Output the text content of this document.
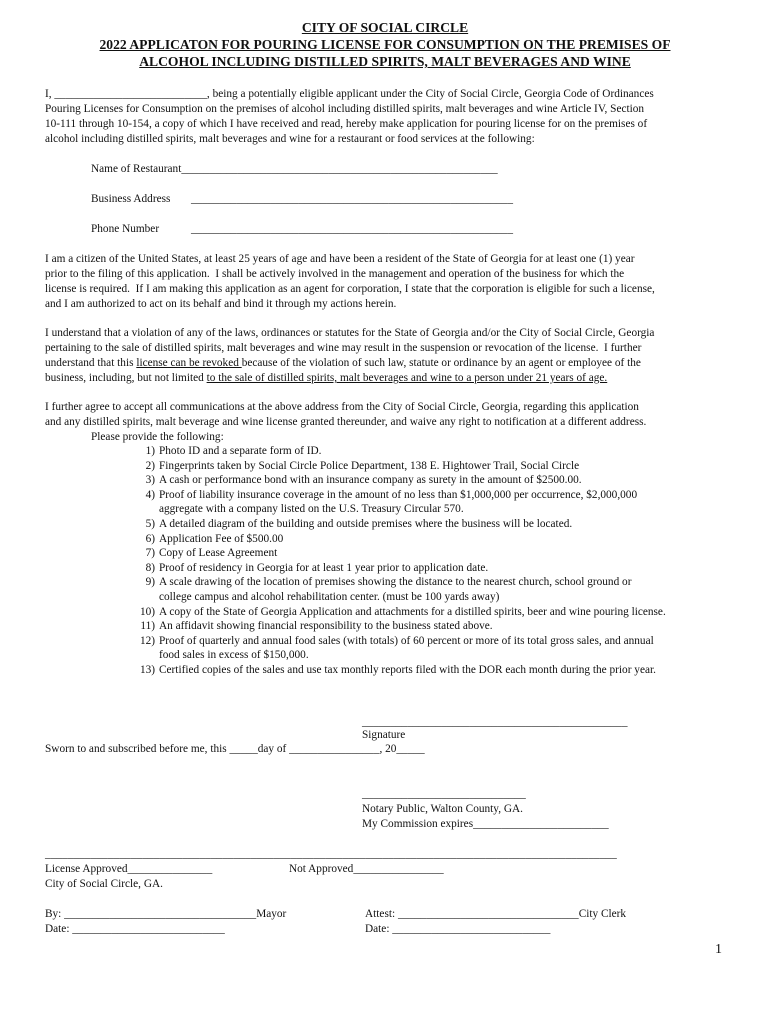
CITY OF SOCIAL CIRCLE
2022 APPLICATON FOR POURING LICENSE FOR CONSUMPTION ON THE PREMISES OF
ALCOHOL INCLUDING DISTILLED SPIRITS, MALT BEVERAGES AND WINE
I, ___________________________, being a potentially eligible applicant under the City of Social Circle, Georgia Code of Ordinances
Pouring Licenses for Consumption on the premises of alcohol including distilled spirits, malt beverages and wine Article IV, Section
10-111 through 10-154, a copy of which I have received and read, hereby make application for pouring license for on the premises of
alcohol including distilled spirits, malt beverages and wine for a restaurant or food services at the following:
Name of Restaurant________________________________________________________
Business Address _________________________________________________________
Phone Number	_________________________________________________________
I am a citizen of the United States, at least 25 years of age and have been a resident of the State of Georgia for at least one (1) year
prior to the filing of this application.  I shall be actively involved in the management and operation of the business for which the
license is required.  If I am making this application as an agent for corporation, I state that the corporation is eligible for such a license,
and I am authorized to act on its behalf and bind it through my actions herein.
I understand that a violation of any of the laws, ordinances or statutes for the State of Georgia and/or the City of Social Circle, Georgia
pertaining to the sale of distilled spirits, malt beverages and wine may result in the suspension or revocation of the license.  I further
understand that this license can be revoked because of the violation of such law, statute or ordinance by an agent or employee of the
business, including, but not limited to the sale of distilled spirits, malt beverages and wine to a person under 21 years of age.
I further agree to accept all communications at the above address from the City of Social Circle, Georgia, regarding this application
and any distilled spirits, malt beverage and wine license granted thereunder, and waive any right to notification at a different address.
Please provide the following:
1) Photo ID and a separate form of ID.
2) Fingerprints taken by Social Circle Police Department, 138 E. Hightower Trail, Social Circle
3) A cash or performance bond with an insurance company as surety in the amount of $2500.00.
4) Proof of liability insurance coverage in the amount of no less than $1,000,000 per occurrence, $2,000,000
aggregate with a company listed on the U.S. Treasury Circular 570.
5) A detailed diagram of the building and outside premises where the business will be located.
6) Application Fee of $500.00
7) Copy of Lease Agreement
8) Proof of residency in Georgia for at least 1 year prior to application date.
9) A scale drawing of the location of premises showing the distance to the nearest church, school ground or
college campus and alcohol rehabilitation center. (must be 100 yards away)
10) A copy of the State of Georgia Application and attachments for a distilled spirits, beer and wine pouring license.
11) An affidavit showing financial responsibility to the business stated above.
12) Proof of quarterly and annual food sales (with totals) of 60 percent or more of its total gross sales, and annual
food sales in excess of $150,000.
13) Certified copies of the sales and use tax monthly reports filed with the DOR each month during the prior year.
_______________________________________________
Signature
Sworn to and subscribed before me, this _____day of ________________, 20_____
_____________________________
Notary Public, Walton County, GA.
My Commission expires________________________
____________________________________________________________________________________________________
License Approved_______________	Not Approved________________
City of Social Circle, GA.
By: __________________________________Mayor	Attest: ________________________________City Clerk
Date: ___________________________	Date: ____________________________
1
